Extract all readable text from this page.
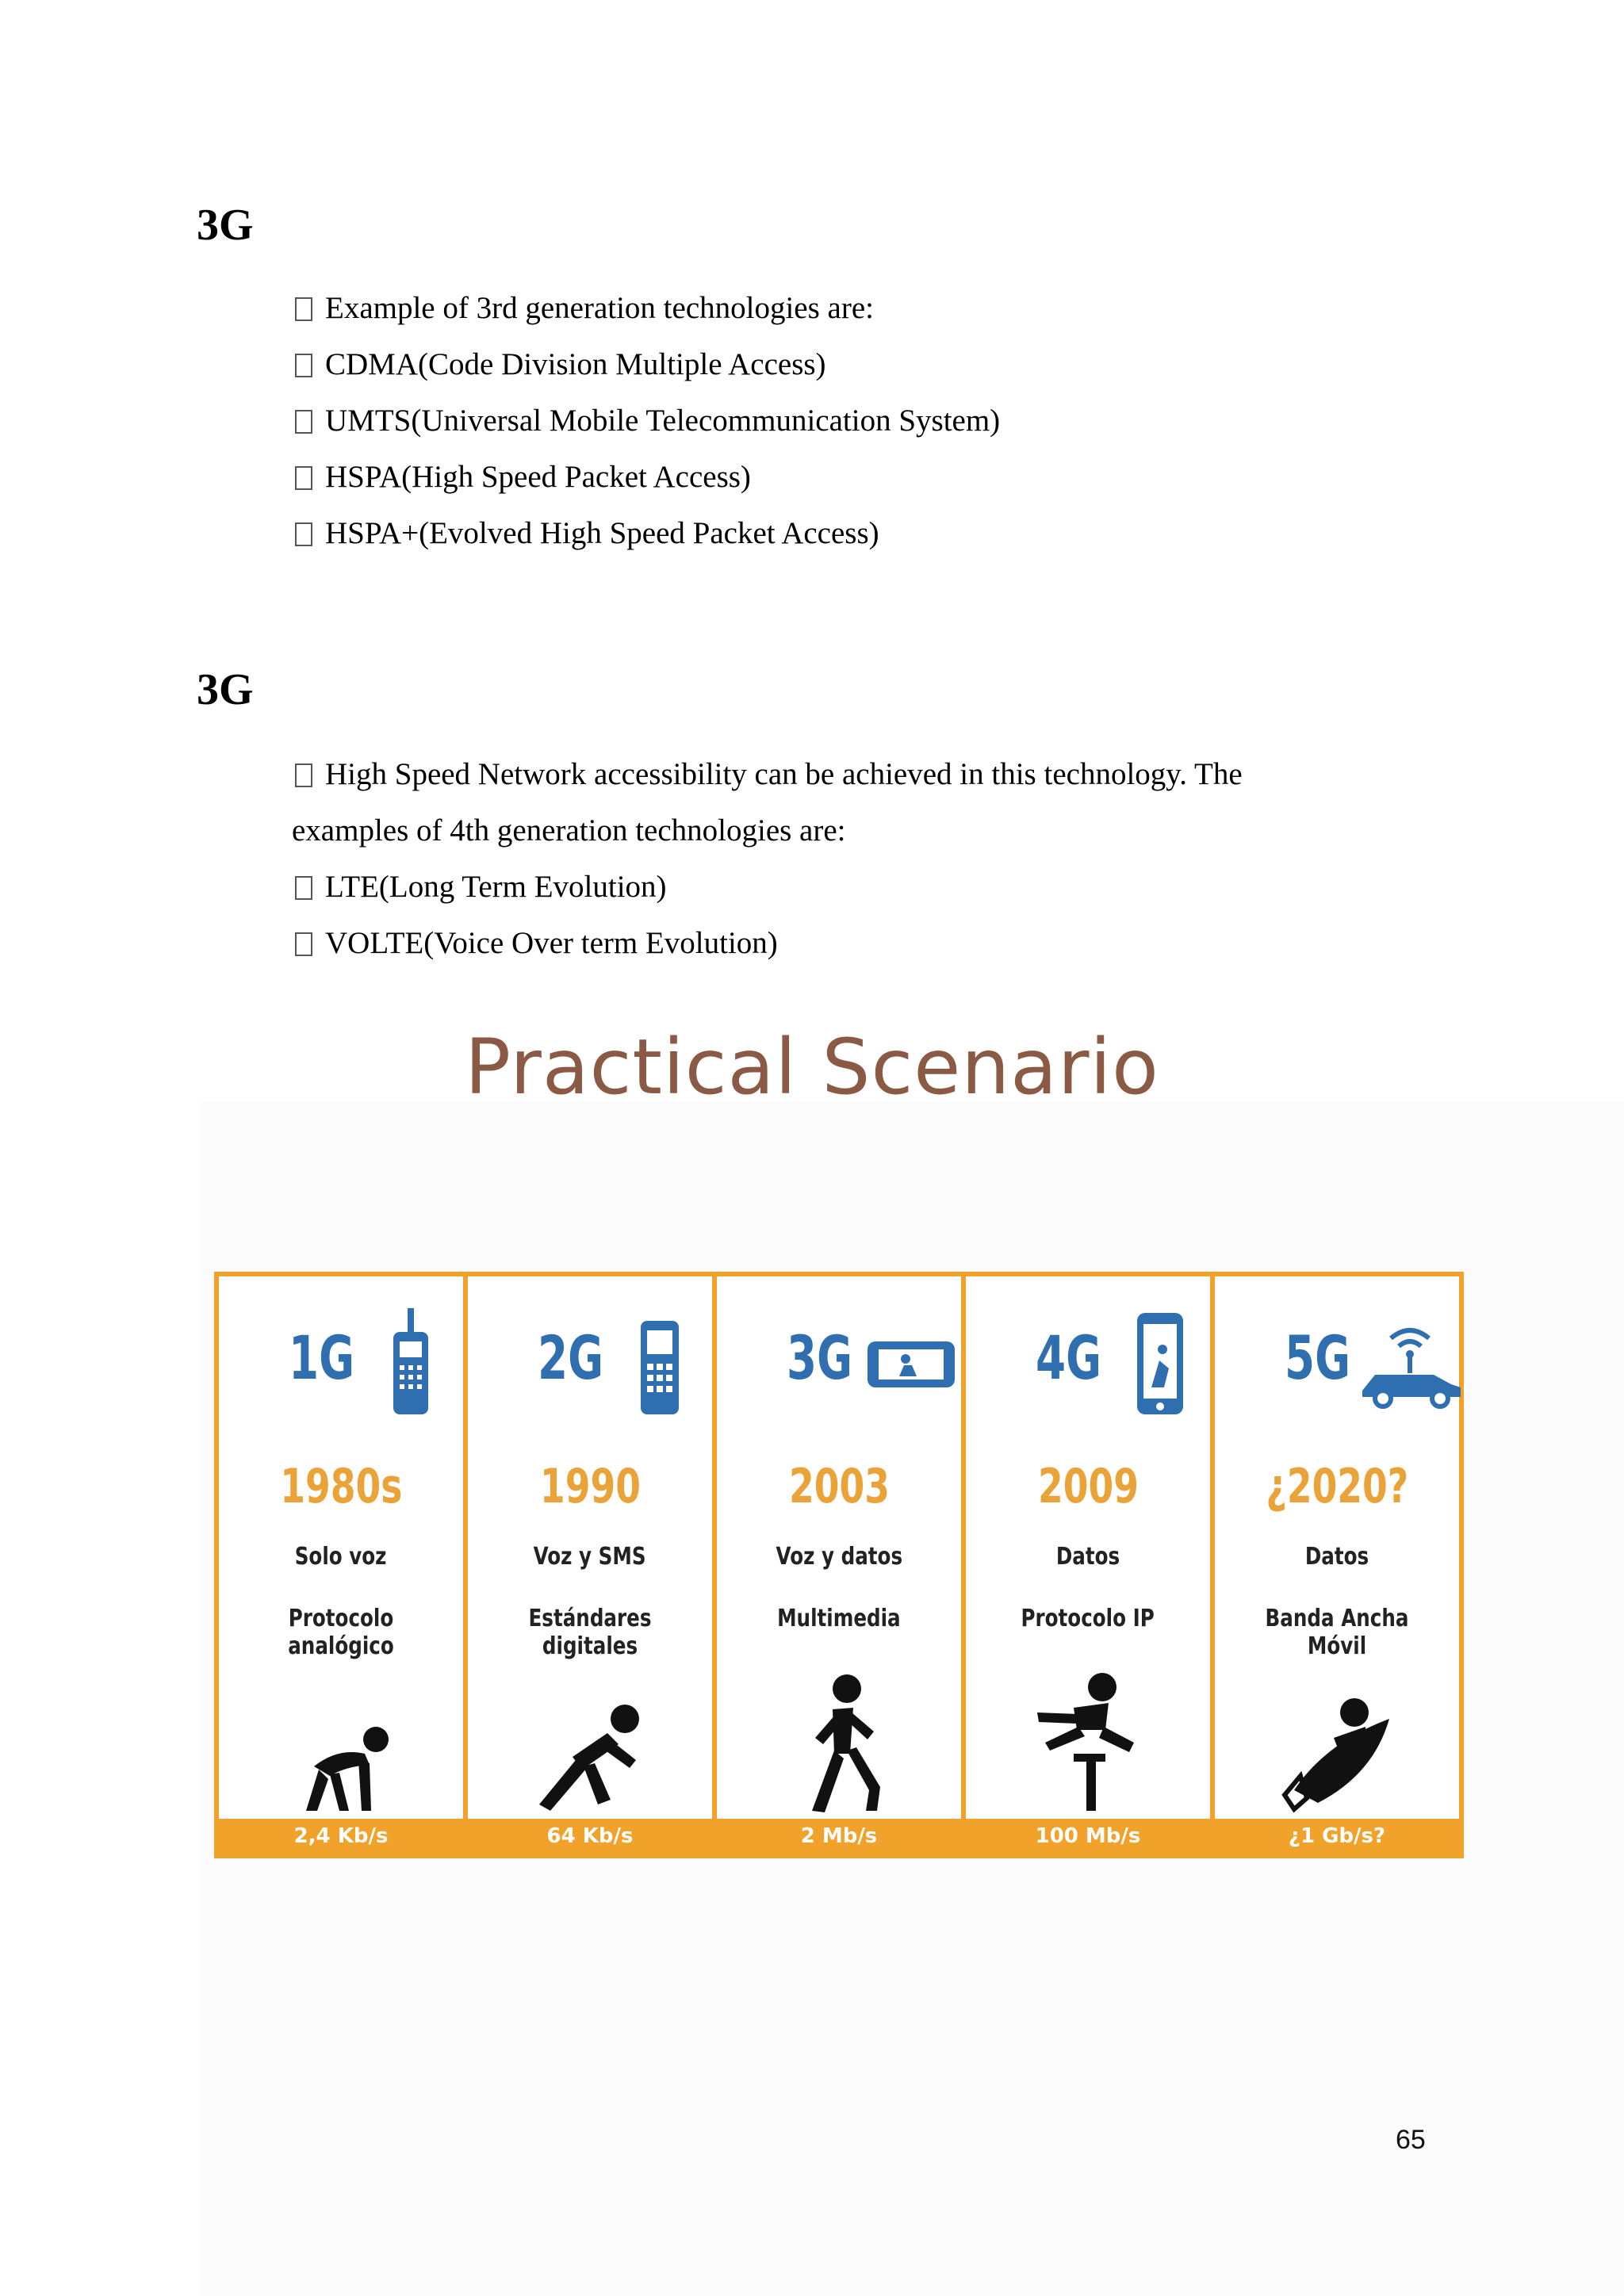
3G
Example of 3rd generation technologies are:
CDMA(Code Division Multiple Access)
UMTS(Universal Mobile Telecommunication System)
HSPA(High Speed Packet Access)
HSPA+(Evolved High Speed Packet Access)
3G

High Speed Network accessibility can be achieved in this technology. The

examples of 4th generation technologies are:

LTE(Long Term Evolution)

VOLTE(Voice Over term Evolution)

Practical Scenario
1G
1980s
Solo voz
Protocolo analógico
2,4 Kb/s
2G
1990
Voz y SMS
Estándares digitales
64 Kb/s
3G
2003
Voz y datos
Multimedia
2 Mb/s
4G
2009
Datos
Protocolo IP
100 Mb/s
5G
¿2020?
Datos
Banda Ancha Móvil
¿1 Gb/s?

65
